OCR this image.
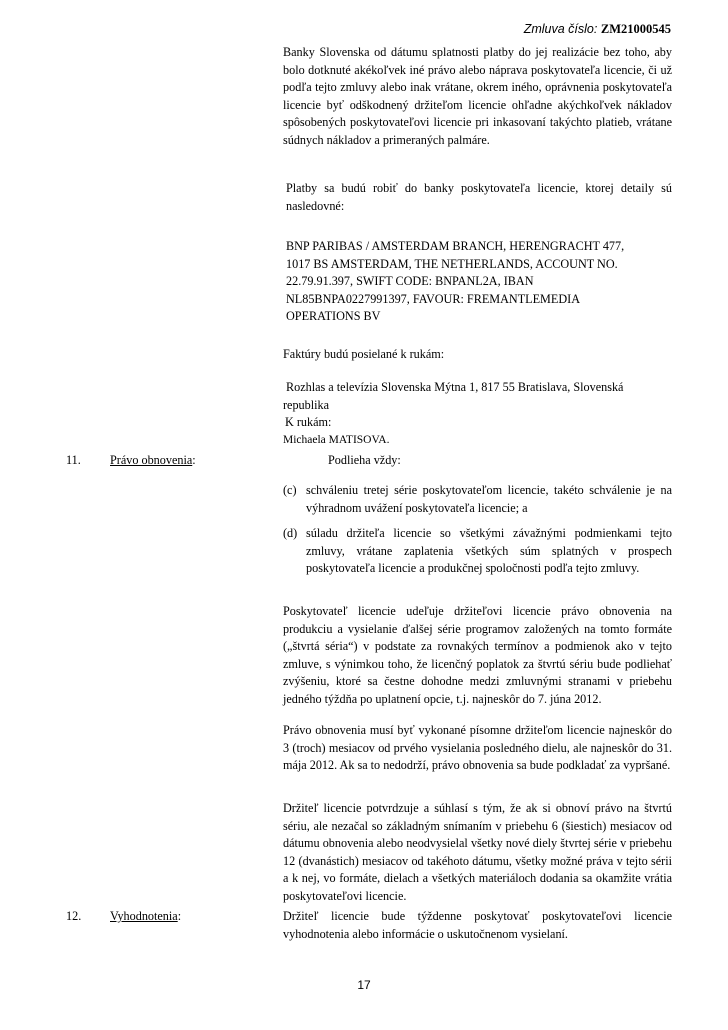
Zmluva číslo: ZM21000545
Banky Slovenska od dátumu splatnosti platby do jej realizácie bez toho, aby bolo dotknuté akékoľvek iné právo alebo náprava poskytovateľa licencie, či už podľa tejto zmluvy alebo inak vrátane, okrem iného, oprávnenia poskytovateľa licencie byť odškodnený držiteľom licencie ohľadne akýchkoľvek nákladov spôsobených poskytovateľovi licencie pri inkasovaní takýchto platieb, vrátane súdnych nákladov a primeraných palmáre.
Platby sa budú robiť do banky poskytovateľa licencie, ktorej detaily sú nasledovné:
BNP PARIBAS / AMSTERDAM BRANCH, HERENGRACHT 477,
1017 BS AMSTERDAM, THE NETHERLANDS, ACCOUNT NO.
22.79.91.397, SWIFT CODE: BNPANL2A, IBAN
NL85BNPA0227991397, FAVOUR: FREMANTLEMEDIA
OPERATIONS BV
Faktúry budú posielané k rukám:
Rozhlas a televízia Slovenska Mýtna 1, 817 55 Bratislava, Slovenská
republika
K rukám:
Michaela MATISOVA.
11. Právo obnovenia:	Podlieha vždy:
(c) schváleniu tretej série poskytovateľom licencie, takéto schválenie je na výhradnom uvážení poskytovateľa licencie; a
(d) súladu držiteľa licencie so všetkými závažnými podmienkami tejto zmluvy, vrátane zaplatenia všetkých súm splatných v prospech poskytovateľa licencie a produkčnej spoločnosti podľa tejto zmluvy.
Poskytovateľ licencie udeľuje držiteľovi licencie právo obnovenia na produkciu a vysielanie ďalšej série programov založených na tomto formáte („štvrtá séria“) v podstate za rovnakých termínov a podmienok ako v tejto zmluve, s výnimkou toho, že licenčný poplatok za štvrtú sériu bude podliehať zvýšeniu, ktoré sa čestne dohodne medzi zmluvnými stranami v priebehu jedného týždňa po uplatnení opcie, t.j. najneskôr do 7. júna 2012.
Právo obnovenia musí byť vykonané písomne držiteľom licencie najneskôr do 3 (troch) mesiacov od prvého vysielania posledného dielu, ale najneskôr do 31. mája 2012. Ak sa to nedodrží, právo obnovenia sa bude podkladať za vypršané.
Držiteľ licencie potvrdzuje a súhlasí s tým, že ak si obnoví právo na štvrtú sériu, ale nezačal so základným snímaním v priebehu 6 (šiestich) mesiacov od dátumu obnovenia alebo neodvysielal všetky nové diely štvrtej série v priebehu 12 (dvanástich) mesiacov od takéhoto dátumu, všetky možné práva v tejto sérii a k nej, vo formáte, dielach a všetkých materiáloch dodania sa okamžite vrátia poskytovateľovi licencie.
12. Vyhodnotenia:	Držiteľ licencie bude týždenne poskytovať poskytovateľovi licencie vyhodnotenia alebo informácie o uskutočnenom vysielaní.
17
